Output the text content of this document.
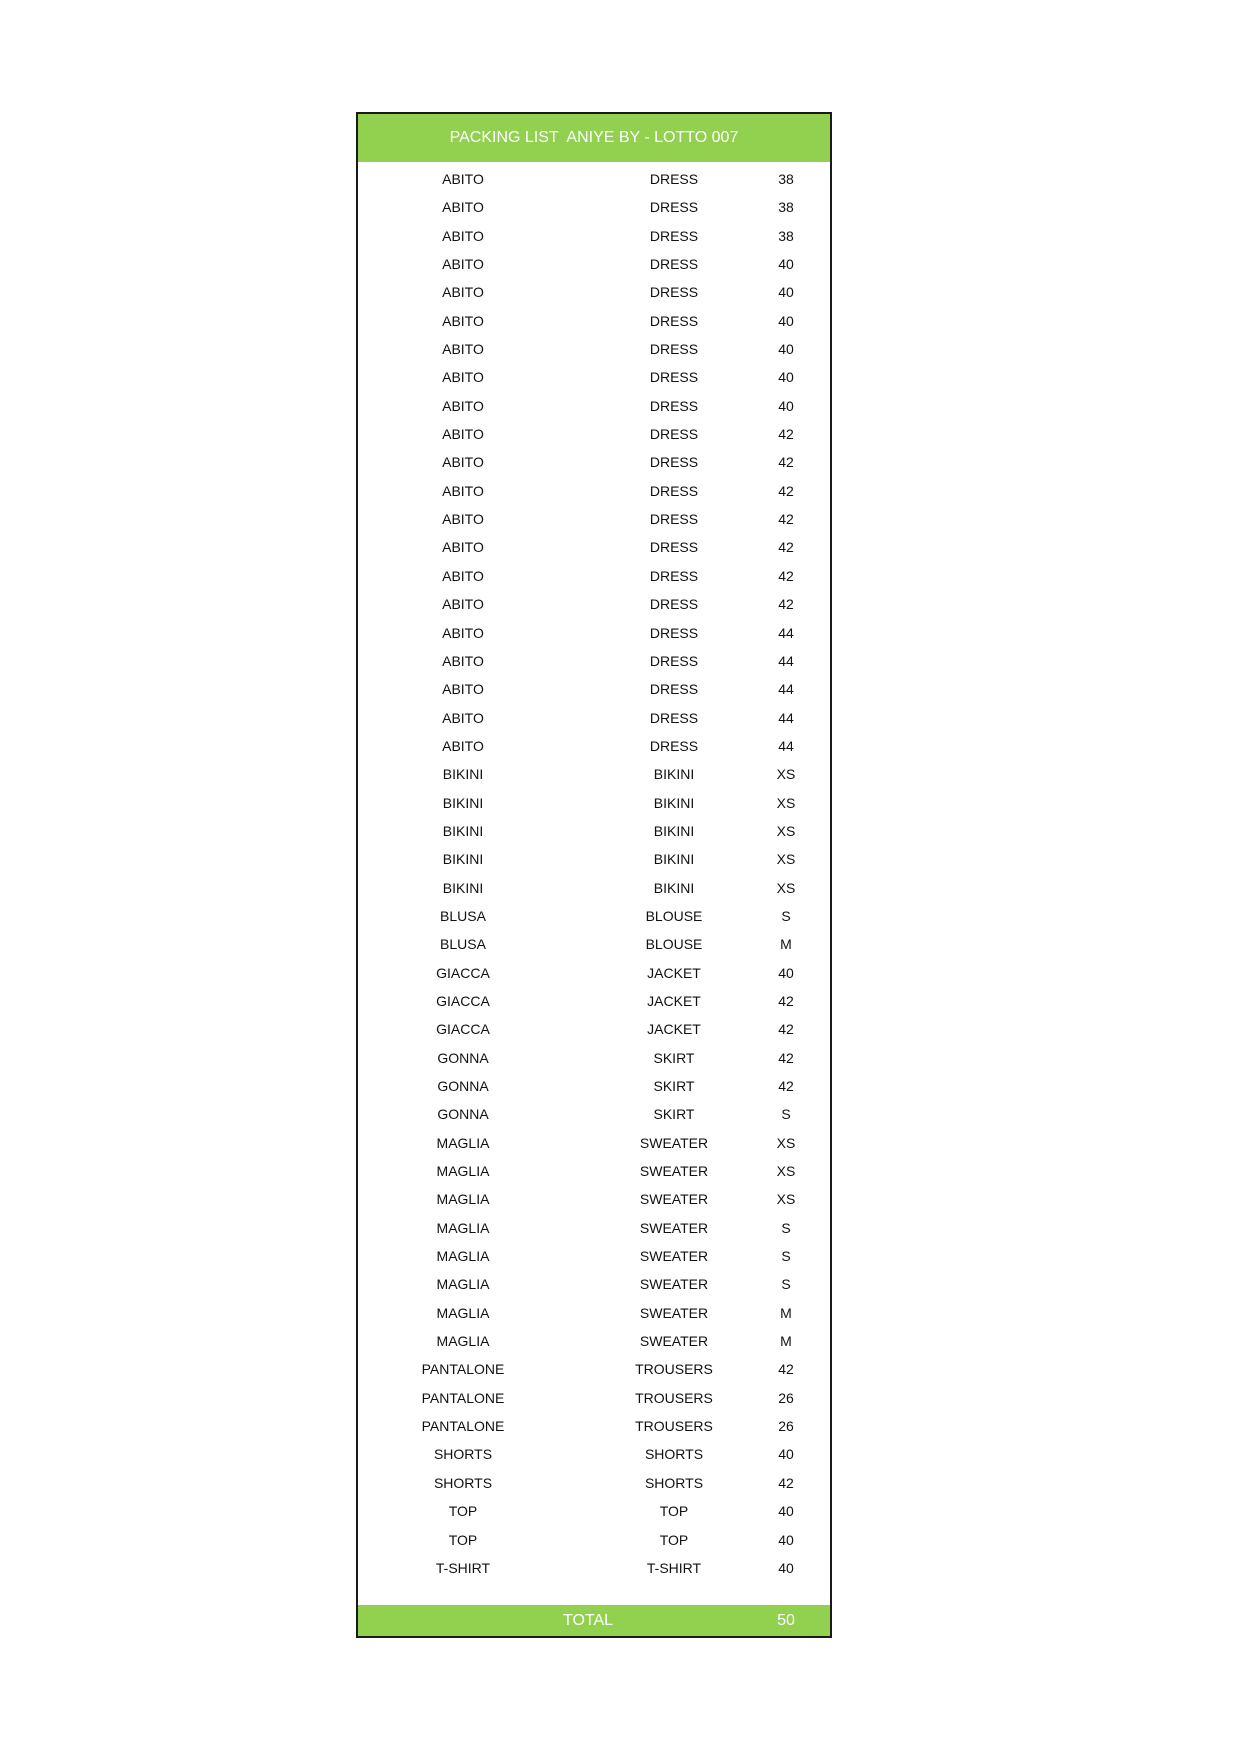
PACKING LIST  ANIYE BY - LOTTO 007
ABITO	DRESS	38
ABITO	DRESS	38
ABITO	DRESS	38
ABITO	DRESS	40
ABITO	DRESS	40
ABITO	DRESS	40
ABITO	DRESS	40
ABITO	DRESS	40
ABITO	DRESS	40
ABITO	DRESS	42
ABITO	DRESS	42
ABITO	DRESS	42
ABITO	DRESS	42
ABITO	DRESS	42
ABITO	DRESS	42
ABITO	DRESS	42
ABITO	DRESS	44
ABITO	DRESS	44
ABITO	DRESS	44
ABITO	DRESS	44
ABITO	DRESS	44
BIKINI	BIKINI	XS
BIKINI	BIKINI	XS
BIKINI	BIKINI	XS
BIKINI	BIKINI	XS
BIKINI	BIKINI	XS
BLUSA	BLOUSE	S
BLUSA	BLOUSE	M
GIACCA	JACKET	40
GIACCA	JACKET	42
GIACCA	JACKET	42
GONNA	SKIRT	42
GONNA	SKIRT	42
GONNA	SKIRT	S
MAGLIA	SWEATER	XS
MAGLIA	SWEATER	XS
MAGLIA	SWEATER	XS
MAGLIA	SWEATER	S
MAGLIA	SWEATER	S
MAGLIA	SWEATER	S
MAGLIA	SWEATER	M
MAGLIA	SWEATER	M
PANTALONE	TROUSERS	42
PANTALONE	TROUSERS	26
PANTALONE	TROUSERS	26
SHORTS	SHORTS	40
SHORTS	SHORTS	42
TOP	TOP	40
TOP	TOP	40
T-SHIRT	T-SHIRT	40
TOTAL	50
